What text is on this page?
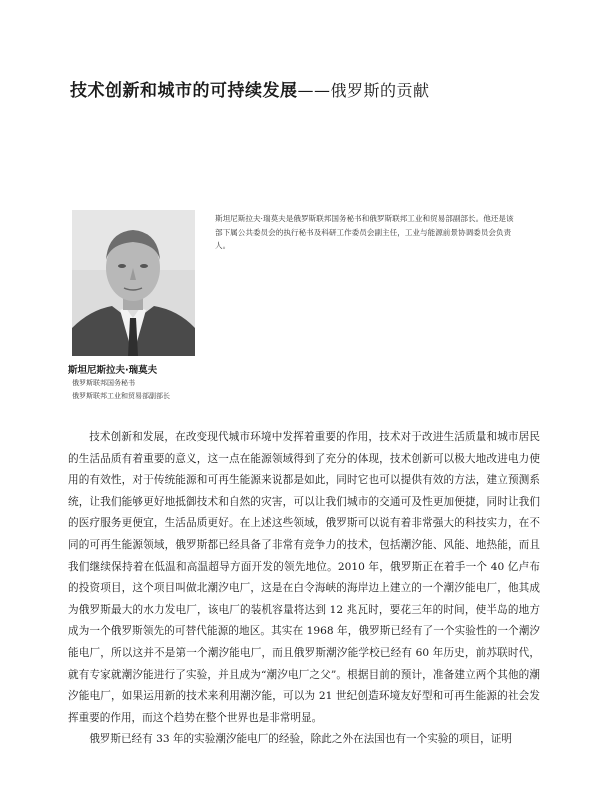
技术创新和城市的可持续发展——俄罗斯的贡献
斯坦尼斯拉夫·瑞莫夫是俄罗斯联邦国务秘书和俄罗斯联邦工业和贸易部副部长。他还是该部下属公共委员会的执行秘书及科研工作委员会副主任，工业与能源前景协调委员会负责人。
斯坦尼斯拉夫·瑞莫夫
俄罗斯联邦国务秘书
俄罗斯联邦工业和贸易部副部长

技术创新和发展，在改变现代城市环境中发挥着重要的作用，技术对于改进生活质量和城市居民的生活品质有着重要的意义，这一点在能源领域得到了充分的体现，技术创新可以极大地改进电力使用的有效性，对于传统能源和可再生能源来说都是如此，同时它也可以提供有效的方法，建立预测系统，让我们能够更好地抵御技术和自然的灾害，可以让我们城市的交通可及性更加便捷，同时让我们的医疗服务更便宜，生活品质更好。在上述这些领域，俄罗斯可以说有着非常强大的科技实力，在不同的可再生能源领域，俄罗斯都已经具备了非常有竞争力的技术，包括潮汐能、风能、地热能，而且我们继续保持着在低温和高温超导方面开发的领先地位。2010 年，俄罗斯正在着手一个 40 亿卢布的投资项目，这个项目叫做北潮汐电厂，这是在白令海峡的海岸边上建立的一个潮汐能电厂，他其成为俄罗斯最大的水力发电厂，该电厂的装机容量将达到 12 兆瓦时，要花三年的时间，使半岛的地方成为一个俄罗斯领先的可替代能源的地区。其实在 1968 年，俄罗斯已经有了一个实验性的一个潮汐能电厂，所以这并不是第一个潮汐能电厂，而且俄罗斯潮汐能学校已经有 60 年历史，前苏联时代，就有专家就潮汐能进行了实验，并且成为“潮汐电厂之父”。根据目前的预计，准备建立两个其他的潮汐能电厂，如果运用新的技术来利用潮汐能，可以为 21 世纪创造环境友好型和可再生能源的社会发挥重要的作用，而这个趋势在整个世界也是非常明显。

俄罗斯已经有 33 年的实验潮汐能电厂的经验，除此之外在法国也有一个实验的项目，证明
